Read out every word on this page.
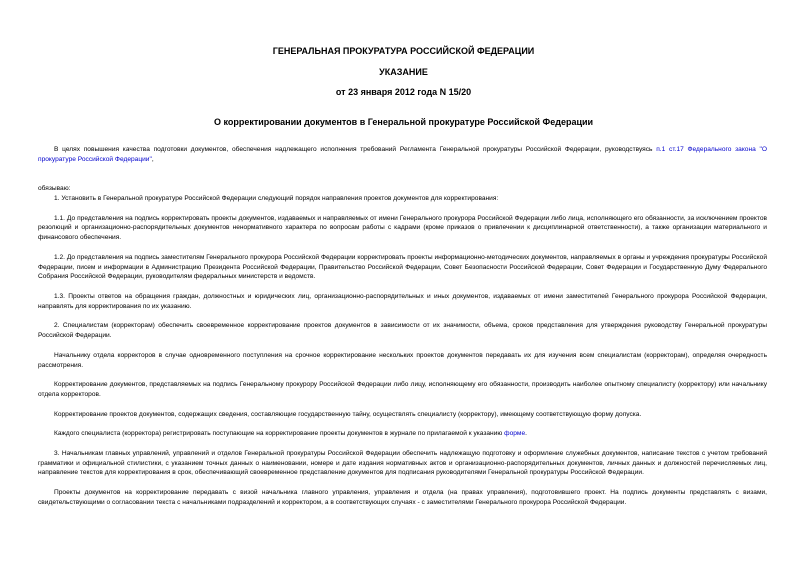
ГЕНЕРАЛЬНАЯ ПРОКУРАТУРА РОССИЙСКОЙ ФЕДЕРАЦИИ
УКАЗАНИЕ
от 23 января 2012 года N 15/20
О корректировании документов в Генеральной прокуратуре Российской Федерации

В целях повышения качества подготовки документов, обеспечения надлежащего исполнения требований Регламента Генеральной прокуратуры Российской Федерации, руководствуясь п.1 ст.17 Федерального закона "О прокуратуре Российской Федерации",

обязываю:

1. Установить в Генеральной прокуратуре Российской Федерации следующий порядок направления проектов документов для корректирования:

1.1. До представления на подпись корректировать проекты документов, издаваемых и направляемых от имени Генерального прокурора Российской Федерации либо лица, исполняющего его обязанности, за исключением проектов резолюций и организационно-распорядительных документов ненормативного характера по вопросам работы с кадрами (кроме приказов о привлечении к дисциплинарной ответственности), а также организации материального и финансового обеспечения.

1.2. До представления на подпись заместителям Генерального прокурора Российской Федерации корректировать проекты информационно-методических документов, направляемых в органы и учреждения прокуратуры Российской Федерации, писем и информации в Администрацию Президента Российской Федерации, Правительство Российской Федерации, Совет Безопасности Российской Федерации, Совет Федерации и Государственную Думу Федерального Собрания Российской Федерации, руководителям федеральных министерств и ведомств.

1.3. Проекты ответов на обращения граждан, должностных и юридических лиц, организационно-распорядительных и иных документов, издаваемых от имени заместителей Генерального прокурора Российской Федерации, направлять для корректирования по их указанию.

2. Специалистам (корректорам) обеспечить своевременное корректирование проектов документов в зависимости от их значимости, объема, сроков представления для утверждения руководству Генеральной прокуратуры Российской Федерации.

Начальнику отдела корректоров в случае одновременного поступления на срочное корректирование нескольких проектов документов передавать их для изучения всем специалистам (корректорам), определяя очередность рассмотрения.

Корректирование документов, представляемых на подпись Генеральному прокурору Российской Федерации либо лицу, исполняющему его обязанности, производить наиболее опытному специалисту (корректору) или начальнику отдела корректоров.

Корректирование проектов документов, содержащих сведения, составляющие государственную тайну, осуществлять специалисту (корректору), имеющему соответствующую форму допуска.

Каждого специалиста (корректора) регистрировать поступающие на корректирование проекты документов в журнале по прилагаемой к указанию форме.

3. Начальникам главных управлений, управлений и отделов Генеральной прокуратуры Российской Федерации обеспечить надлежащую подготовку и оформление служебных документов, написание текстов с учетом требований грамматики и официальной стилистики, с указанием точных данных о наименовании, номере и дате издания нормативных актов и организационно-распорядительных документов, личных данных и должностей перечисляемых лиц, направление текстов для корректирования в срок, обеспечивающий своевременное представление документов для подписания руководителями Генеральной прокуратуры Российской Федерации.

Проекты документов на корректирование передавать с визой начальника главного управления, управления и отдела (на правах управления), подготовившего проект. На подпись документы представлять с визами, свидетельствующими о согласовании текста с начальниками подразделений и корректором, а в соответствующих случаях - с заместителями Генерального прокурора Российской Федерации.
